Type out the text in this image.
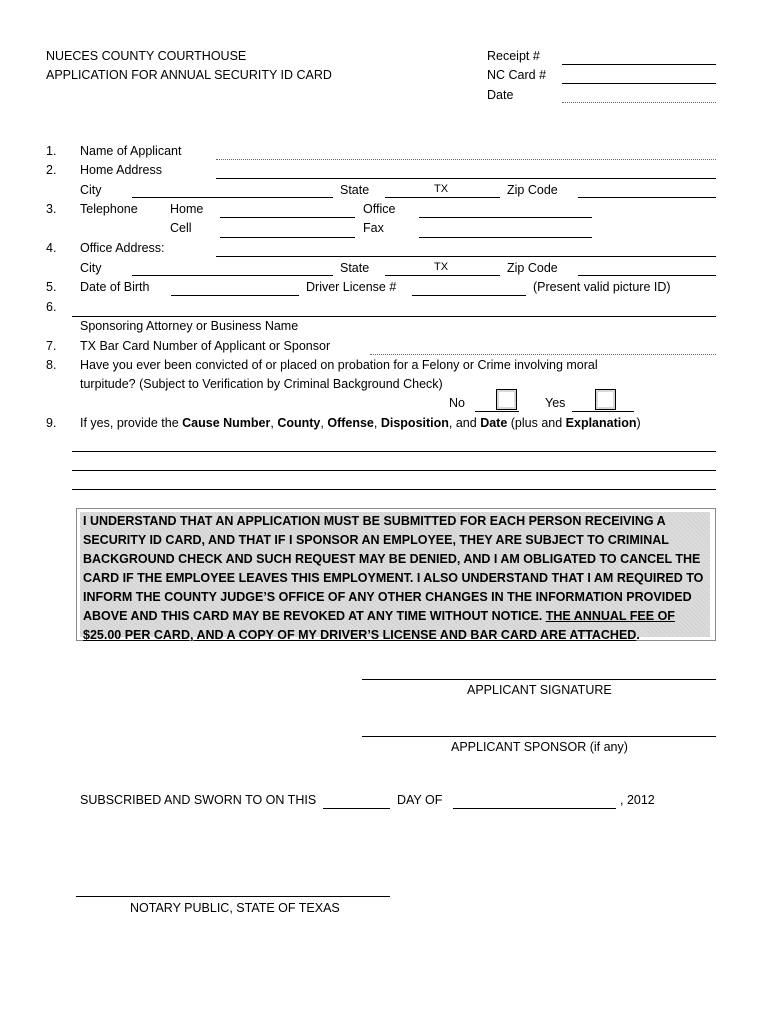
NUECES COUNTY COURTHOUSE
APPLICATION FOR ANNUAL SECURITY ID CARD
Receipt #
NC Card #
Date
1. Name of Applicant
2. Home Address
City	State	TX	Zip Code
3. Telephone	Home	Office
Cell	Fax
4. Office Address:
City	State	TX	Zip Code
5. Date of Birth	Driver License #	(Present valid picture ID)
6.
Sponsoring Attorney or Business Name
7. TX Bar Card Number of Applicant or Sponsor
8. Have you ever been convicted of or placed on probation for a Felony or Crime involving moral
turpitude? (Subject to Verification by Criminal Background Check)
No	Yes
9. If yes, provide the Cause Number, County, Offense, Disposition, and Date (plus and Explanation)
I UNDERSTAND THAT AN APPLICATION MUST BE SUBMITTED FOR EACH PERSON RECEIVING A SECURITY ID CARD, AND THAT IF I SPONSOR AN EMPLOYEE, THEY ARE SUBJECT TO CRIMINAL BACKGROUND CHECK AND SUCH REQUEST MAY BE DENIED, AND I AM OBLIGATED TO CANCEL THE CARD IF THE EMPLOYEE LEAVES THIS EMPLOYMENT. I ALSO UNDERSTAND THAT I AM REQUIRED TO INFORM THE COUNTY JUDGE’S OFFICE OF ANY OTHER CHANGES IN THE INFORMATION PROVIDED ABOVE AND THIS CARD MAY BE REVOKED AT ANY TIME WITHOUT NOTICE. THE ANNUAL FEE OF $25.00 PER CARD, AND A COPY OF MY DRIVER’S LICENSE AND BAR CARD ARE ATTACHED.
APPLICANT SIGNATURE
APPLICANT SPONSOR (if any)
SUBSCRIBED AND SWORN TO ON THIS	DAY OF	, 2012
NOTARY PUBLIC, STATE OF TEXAS
